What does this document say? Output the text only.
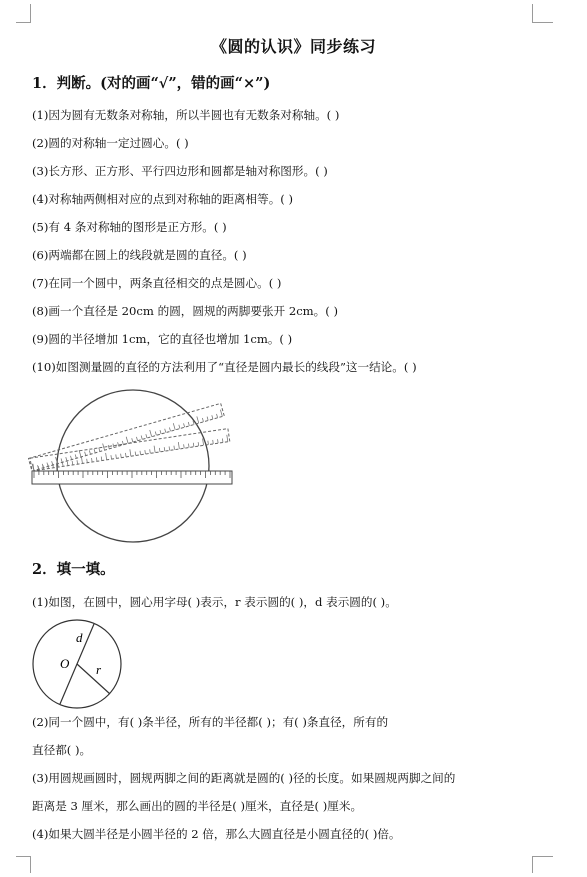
《圆的认识》同步练习
1．判断。(对的画“√”，错的画“×”)
(1)因为圆有无数条对称轴，所以半圆也有无数条对称轴。( )
(2)圆的对称轴一定过圆心。( )
(3)长方形、正方形、平行四边形和圆都是轴对称图形。( )
(4)对称轴两侧相对应的点到对称轴的距离相等。( )
(5)有 4 条对称轴的图形是正方形。( )
(6)两端都在圆上的线段就是圆的直径。( )
(7)在同一个圆中，两条直径相交的点是圆心。( )
(8)画一个直径是 20cm 的圆，圆规的两脚要张开 2cm。( )
(9)圆的半径增加 1cm，它的直径也增加 1cm。( )
(10)如图测量圆的直径的方法利用了“直径是圆内最长的线段”这一结论。( )
2．填一填。
(1)如图，在圆中，圆心用字母( )表示，r 表示圆的( )，d 表示圆的( )。
d
O r
(2)同一个圆中，有( )条半径，所有的半径都( )；有( )条直径，所有的
直径都( )。
(3)用圆规画圆时，圆规两脚之间的距离就是圆的( )径的长度。如果圆规两脚之间的
距离是 3 厘米，那么画出的圆的半径是( )厘米，直径是( )厘米。
(4)如果大圆半径是小圆半径的 2 倍，那么大圆直径是小圆直径的( )倍。
